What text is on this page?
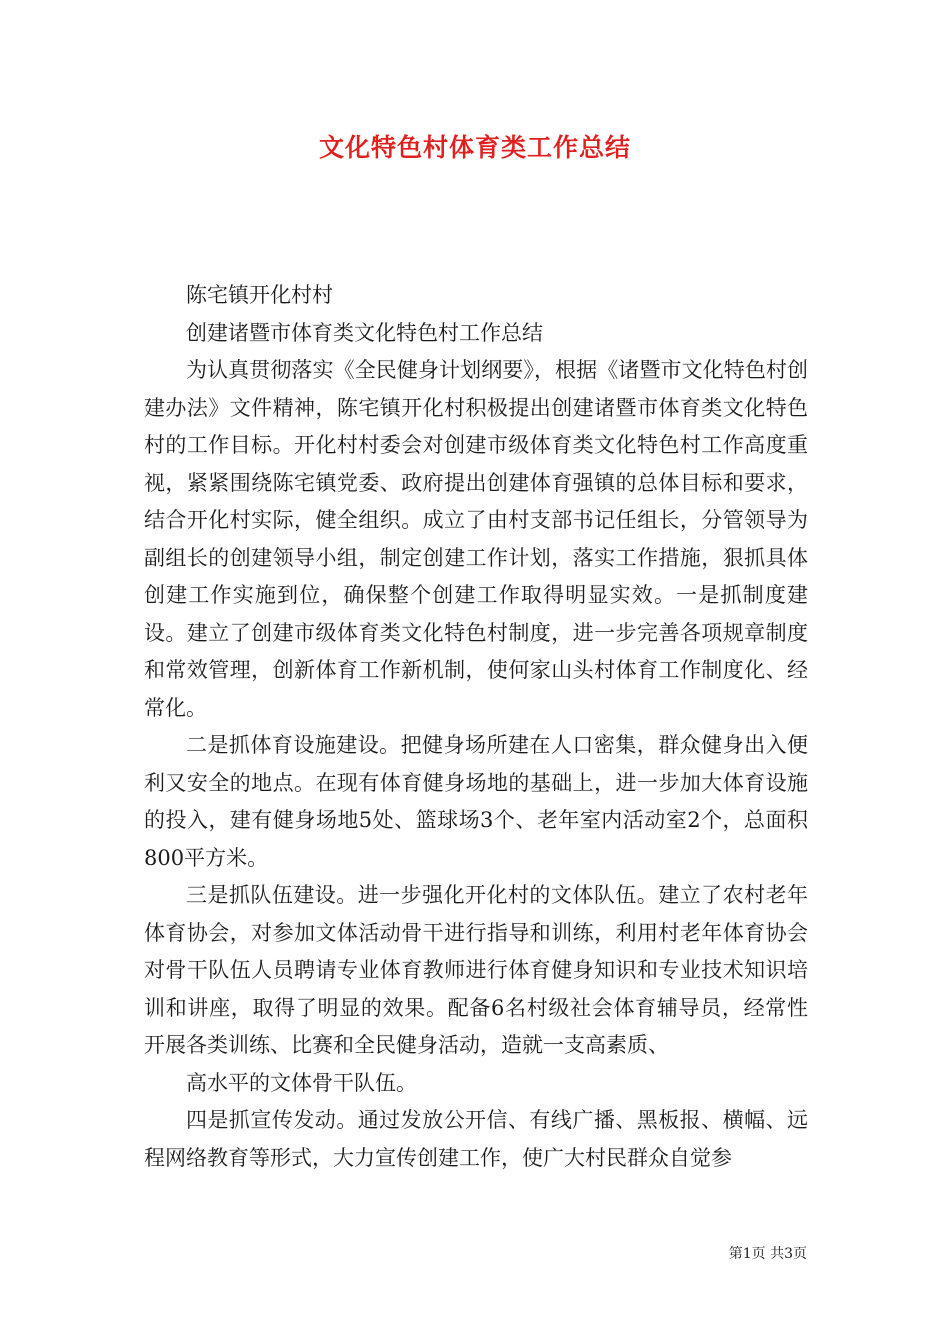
文化特色村体育类工作总结

陈宅镇开化村村

创建诸暨市体育类文化特色村工作总结

为认真贯彻落实《全民健身计划纲要》，根据《诸暨市文化特色村创建办法》文件精神，陈宅镇开化村积极提出创建诸暨市体育类文化特色村的工作目标。开化村村委会对创建市级体育类文化特色村工作高度重视，紧紧围绕陈宅镇党委、政府提出创建体育强镇的总体目标和要求，结合开化村实际，健全组织。成立了由村支部书记任组长，分管领导为副组长的创建领导小组，制定创建工作计划，落实工作措施，狠抓具体创建工作实施到位，确保整个创建工作取得明显实效。一是抓制度建设。建立了创建市级体育类文化特色村制度，进一步完善各项规章制度和常效管理，创新体育工作新机制，使何家山头村体育工作制度化、经常化。

二是抓体育设施建设。把健身场所建在人口密集，群众健身出入便利又安全的地点。在现有体育健身场地的基础上，进一步加大体育设施的投入，建有健身场地5处、篮球场3个、老年室内活动室2个，总面积800平方米。

三是抓队伍建设。进一步强化开化村的文体队伍。建立了农村老年体育协会，对参加文体活动骨干进行指导和训练，利用村老年体育协会对骨干队伍人员聘请专业体育教师进行体育健身知识和专业技术知识培训和讲座，取得了明显的效果。配备6名村级社会体育辅导员，经常性开展各类训练、比赛和全民健身活动，造就一支高素质、

高水平的文体骨干队伍。

四是抓宣传发动。通过发放公开信、有线广播、黑板报、横幅、远程网络教育等形式，大力宣传创建工作，使广大村民群众自觉参

第1页 共3页
